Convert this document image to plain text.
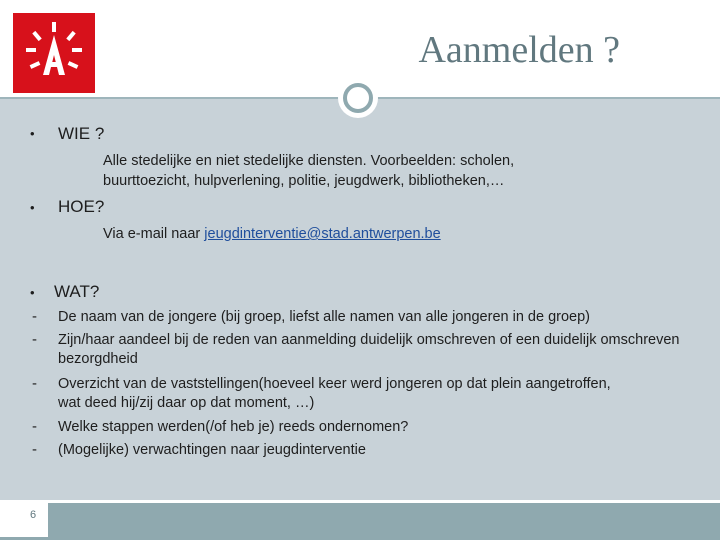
Aanmelden ?
• WIE ?
Alle stedelijke en niet stedelijke diensten. Voorbeelden: scholen,
buurttoezicht, hulpverlening, politie, jeugdwerk, bibliotheken,…
• HOE?
Via e-mail naar jeugdinterventie@stad.antwerpen.be
• WAT?
- De naam van de jongere (bij groep, liefst alle namen van alle jongeren in de groep)
- Zijn/haar aandeel bij de reden van aanmelding duidelijk omschreven of een duidelijk omschreven bezorgdheid
- Overzicht van de vaststellingen(hoeveel keer werd jongeren op dat plein aangetroffen, wat deed hij/zij daar op dat moment, …)
- Welke stappen werden(/of heb je) reeds ondernomen?
- (Mogelijke) verwachtingen naar jeugdinterventie
6
